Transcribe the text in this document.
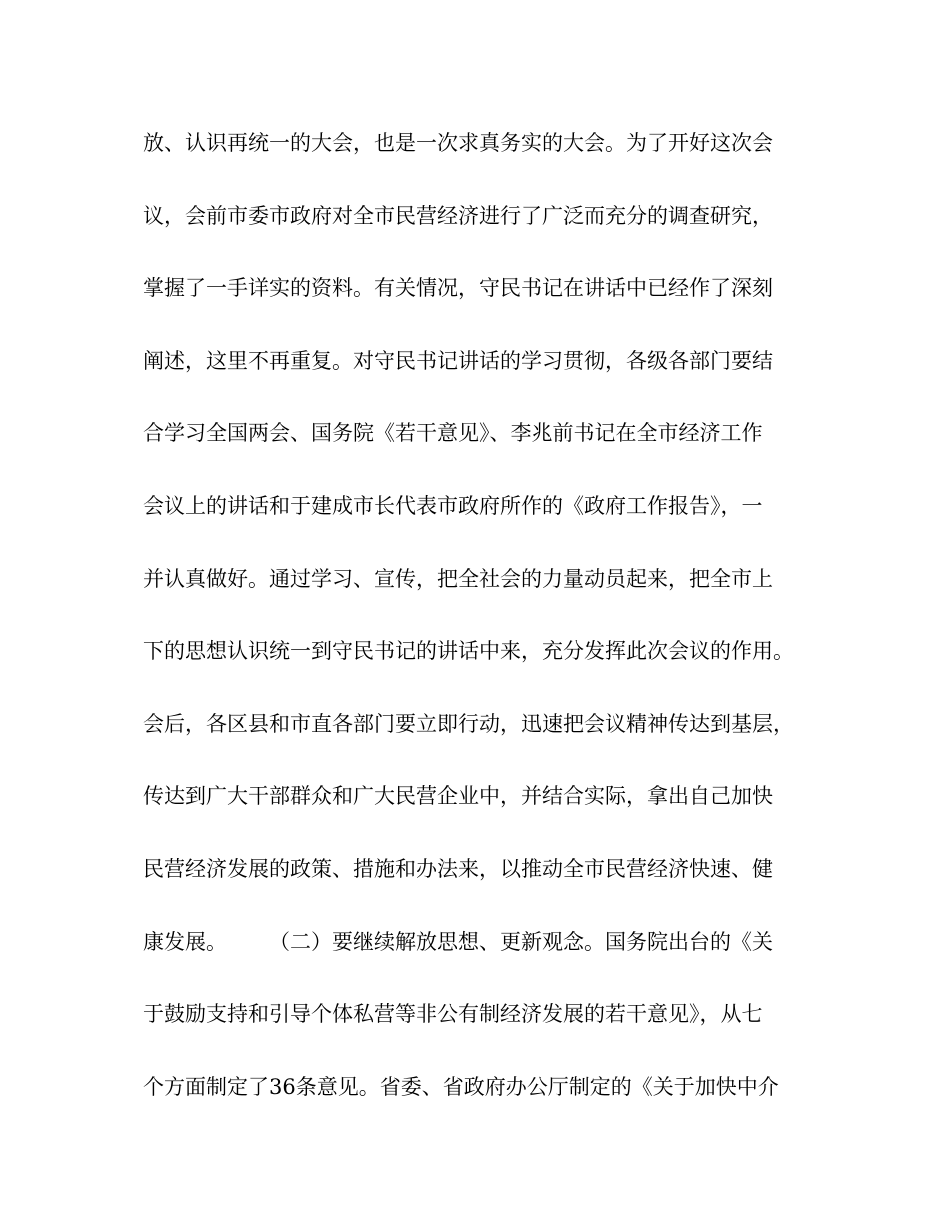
放、认识再统一的大会，也是一次求真务实的大会。为了开好这次会
议，会前市委市政府对全市民营经济进行了广泛而充分的调查研究，
掌握了一手详实的资料。有关情况，守民书记在讲话中已经作了深刻
阐述，这里不再重复。对守民书记讲话的学习贯彻，各级各部门要结
合学习全国两会、国务院《若干意见》、李兆前书记在全市经济工作
会议上的讲话和于建成市长代表市政府所作的《政府工作报告》，一
并认真做好。通过学习、宣传，把全社会的力量动员起来，把全市上
下的思想认识统一到守民书记的讲话中来，充分发挥此次会议的作用。
会后，各区县和市直各部门要立即行动，迅速把会议精神传达到基层，
传达到广大干部群众和广大民营企业中，并结合实际，拿出自己加快
民营经济发展的政策、措施和办法来，以推动全市民营经济快速、健
康发展。　　　（二）要继续解放思想、更新观念。国务院出台的《关
于鼓励支持和引导个体私营等非公有制经济发展的若干意见》，从七
个方面制定了36条意见。省委、省政府办公厅制定的《关于加快中介
